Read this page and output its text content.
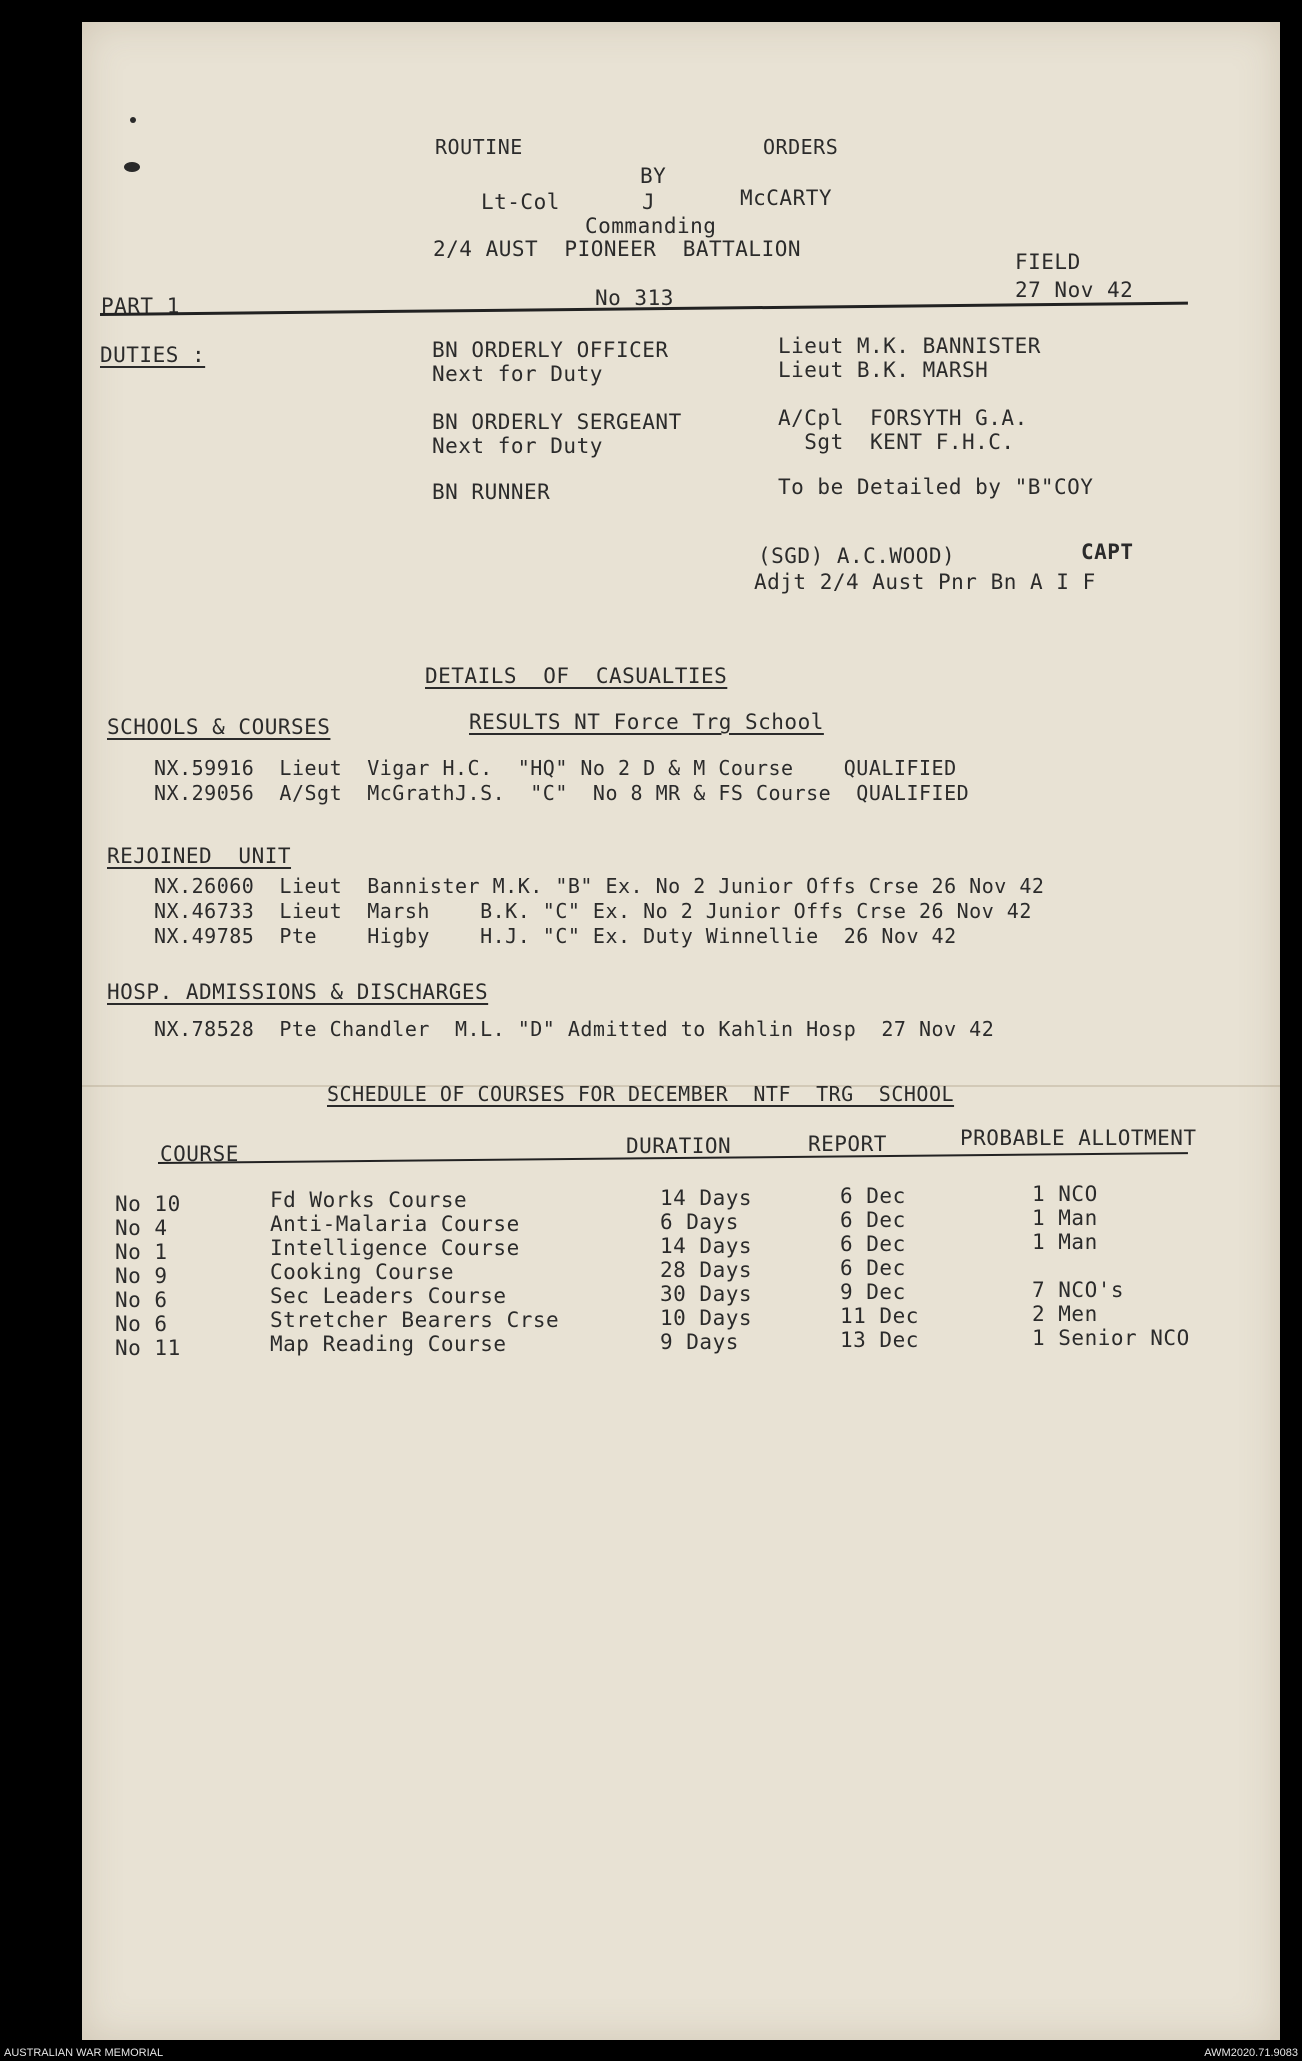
ROUTINE	ORDERS
BY
Lt-Col	J	McCARTY
Commanding
2/4 AUST  PIONEER  BATTALION
FIELD
PART 1	No 313	27 Nov 42
DUTIES :	BN ORDERLY OFFICER	Lieut M.K. BANNISTER
Next for Duty	Lieut B.K. MARSH
BN ORDERLY SERGEANT	A/Cpl  FORSYTH G.A.
Next for Duty	Sgt  KENT F.H.C.
BN RUNNER	To be Detailed by "B"COY
(SGD) A.C.WOOD)	CAPT
Adjt 2/4 Aust Pnr Bn A I F
DETAILS  OF  CASUALTIES
SCHOOLS & COURSES	RESULTS NT Force Trg School
NX.59916  Lieut  Vigar H.C.  "HQ" No 2 D & M Course    QUALIFIED
NX.29056  A/Sgt  McGrathJ.S.  "C"  No 8 MR & FS Course  QUALIFIED
REJOINED  UNIT
NX.26060  Lieut  Bannister M.K. "B" Ex. No 2 Junior Offs Crse 26 Nov 42
NX.46733  Lieut  Marsh    B.K. "C" Ex. No 2 Junior Offs Crse 26 Nov 42
NX.49785  Pte    Higby    H.J. "C" Ex. Duty Winnellie  26 Nov 42
HOSP. ADMISSIONS & DISCHARGES
NX.78528  Pte Chandler  M.L. "D" Admitted to Kahlin Hosp  27 Nov 42
SCHEDULE OF COURSES FOR DECEMBER  NTF  TRG  SCHOOL
COURSE	DURATION	REPORT	PROBABLE ALLOTMENT
No 10	Fd Works Course	14 Days	6 Dec	1 NCO
No 4	Anti-Malaria Course	6 Days	6 Dec	1 Man
No 1	Intelligence Course	14 Days	6 Dec	1 Man
No 9	Cooking Course	28 Days	6 Dec
No 6	Sec Leaders Course	30 Days	9 Dec	7 NCO's
No 6	Stretcher Bearers Crse	10 Days	11 Dec	2 Men
No 11	Map Reading Course	9 Days	13 Dec	1 Senior NCO
AUSTRALIAN WAR MEMORIAL	AWM2020.71.9083
